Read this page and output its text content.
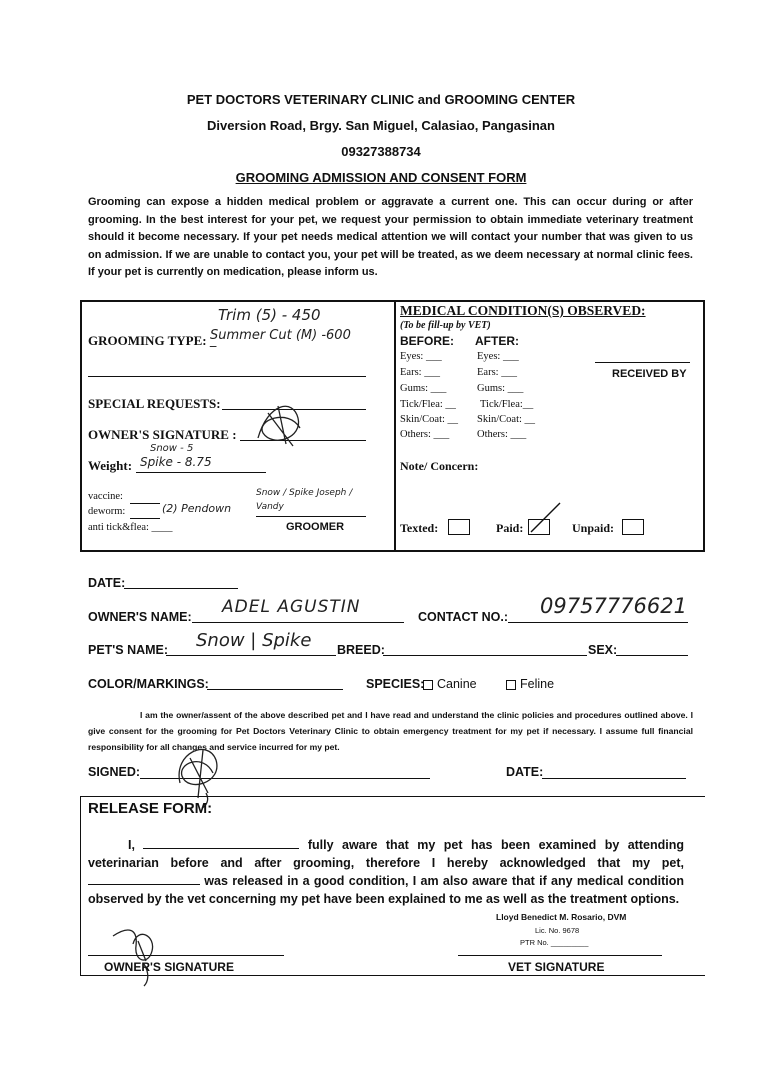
PET DOCTORS VETERINARY CLINIC and GROOMING CENTER
Diversion Road, Brgy. San Miguel, Calasiao, Pangasinan
09327388734
GROOMING ADMISSION AND CONSENT FORM
Grooming can expose a hidden medical problem or aggravate a current one. This can occur during or after grooming. In the best interest for your pet, we request your permission to obtain immediate veterinary treatment should it become necessary. If your pet needs medical attention we will contact your number that was given to us on admission. If we are unable to contact you, your pet will be treated, as we deem necessary at normal clinic fees. If your pet is currently on medication, please inform us.
Trim (5) - 450
GROOMING TYPE: _
Summer Cut (M) -600
SPECIAL REQUESTS:
OWNER'S SIGNATURE :
Snow - 5
Weight: Spike - 8.75
vaccine:
deworm:	(2) Pendown
anti tick&flea: ____
Snow / Spike Joseph / Vandy
GROOMER
MEDICAL CONDITION(S) OBSERVED:
(To be fill-up by VET)
BEFORE: AFTER:
Eyes: ___	Eyes: ___
Ears: ___	Ears: ___
Gums: ___	Gums: ___
Tick/Flea: __ Tick/Flea:__
Skin/Coat: __ Skin/Coat: __
Others: ___	Others: ___
RECEIVED BY
Note/ Concern:
Texted:	Paid:	Unpaid:
DATE:
OWNER'S NAME: ADEL AGUSTIN	CONTACT NO.: 09757776621
PET'S NAME: Snow | Spike BREED:	SEX:
COLOR/MARKINGS:	SPECIES:	Canine	Feline
I am the owner/assent of the above described pet and I have read and understand the clinic policies and procedures outlined above. I give consent for the grooming for Pet Doctors Veterinary Clinic to obtain emergency treatment for my pet if necessary. I assume full financial responsibility for all changes and service incurred for my pet.
SIGNED:	DATE:
RELEASE FORM:
I,	fully aware that my pet has been examined by attending veterinarian before and after grooming, therefore I hereby acknowledged that my pet,  was released in a good condition, I am also aware that if any medical condition observed by the vet concerning my pet have been explained to me as well as the treatment options.
Lloyd Benedict M. Rosario, DVM
Lic. No. 9678
PTR No. _________
OWNER'S SIGNATURE	VET SIGNATURE
